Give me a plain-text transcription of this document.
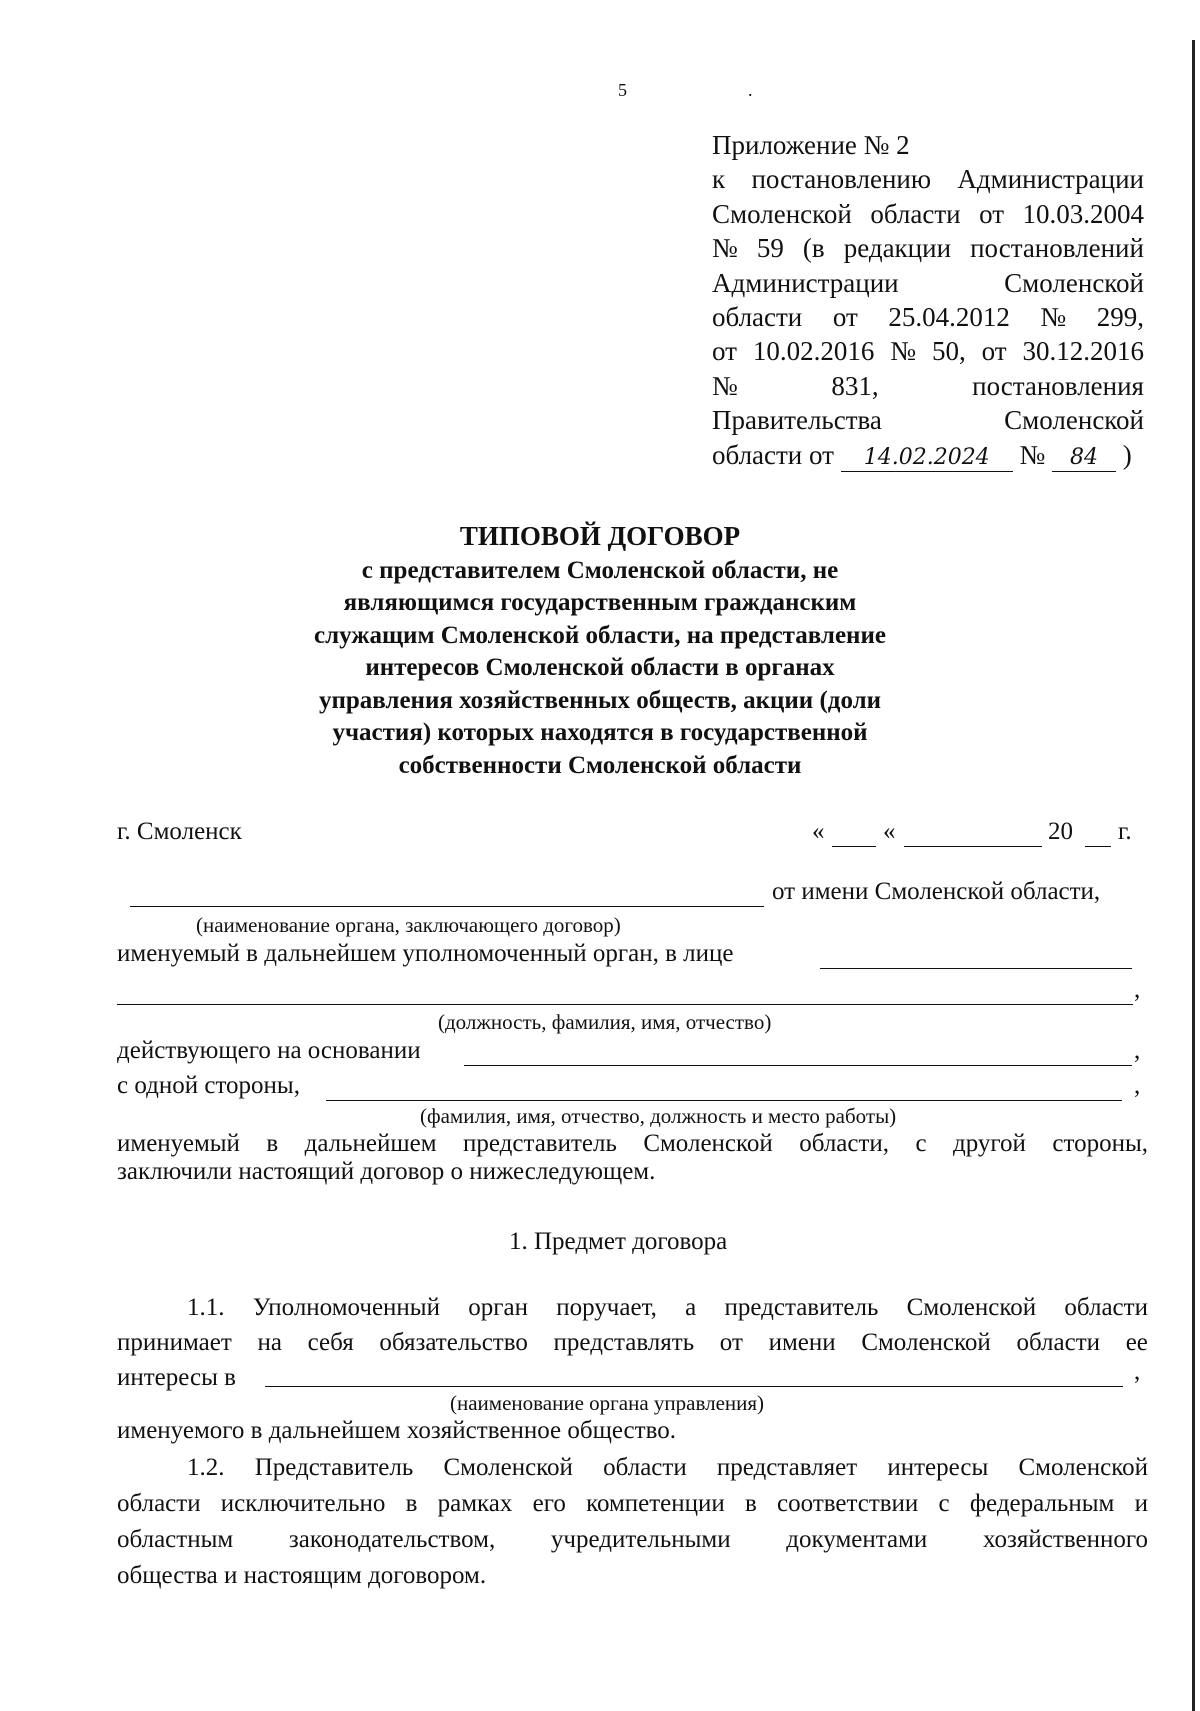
5	.
Приложение № 2
к постановлению Администрации
Смоленской области от 10.03.2004
№ 59 (в редакции постановлений
Администрации	Смоленской
области от 25.04.2012 № 299,
от 10.02.2016 № 50, от 30.12.2016
№	831,	постановления
Правительства	Смоленской
области от 14.02.2024 № 84 )
ТИПОВОЙ ДОГОВОР
с представителем Смоленской области, не
являющимся государственным гражданским
служащим Смоленской области, на представление
интересов Смоленской области в органах
управления хозяйственных обществ, акции (доли
участия) которых находятся в государственной
собственности Смоленской области
г. Смоленск	« «	20 г.
от имени Смоленской области,
(наименование органа, заключающего договор)
именуемый в дальнейшем уполномоченный орган, в лице
,
(должность, фамилия, имя, отчество)
действующего на основании	,
с одной стороны,	,
(фамилия, имя, отчество, должность и место работы)
именуемый в дальнейшем представитель Смоленской области, с другой стороны,
заключили настоящий договор о нижеследующем.
1. Предмет договора
1.1. Уполномоченный орган поручает, а представитель Смоленской области
принимает на себя обязательство представлять от имени Смоленской области ее
интересы в	,
(наименование органа управления)
именуемого в дальнейшем хозяйственное общество.
1.2. Представитель Смоленской области представляет интересы Смоленской
области исключительно в рамках его компетенции в соответствии с федеральным и
областным законодательством, учредительными документами хозяйственного
общества и настоящим договором.
